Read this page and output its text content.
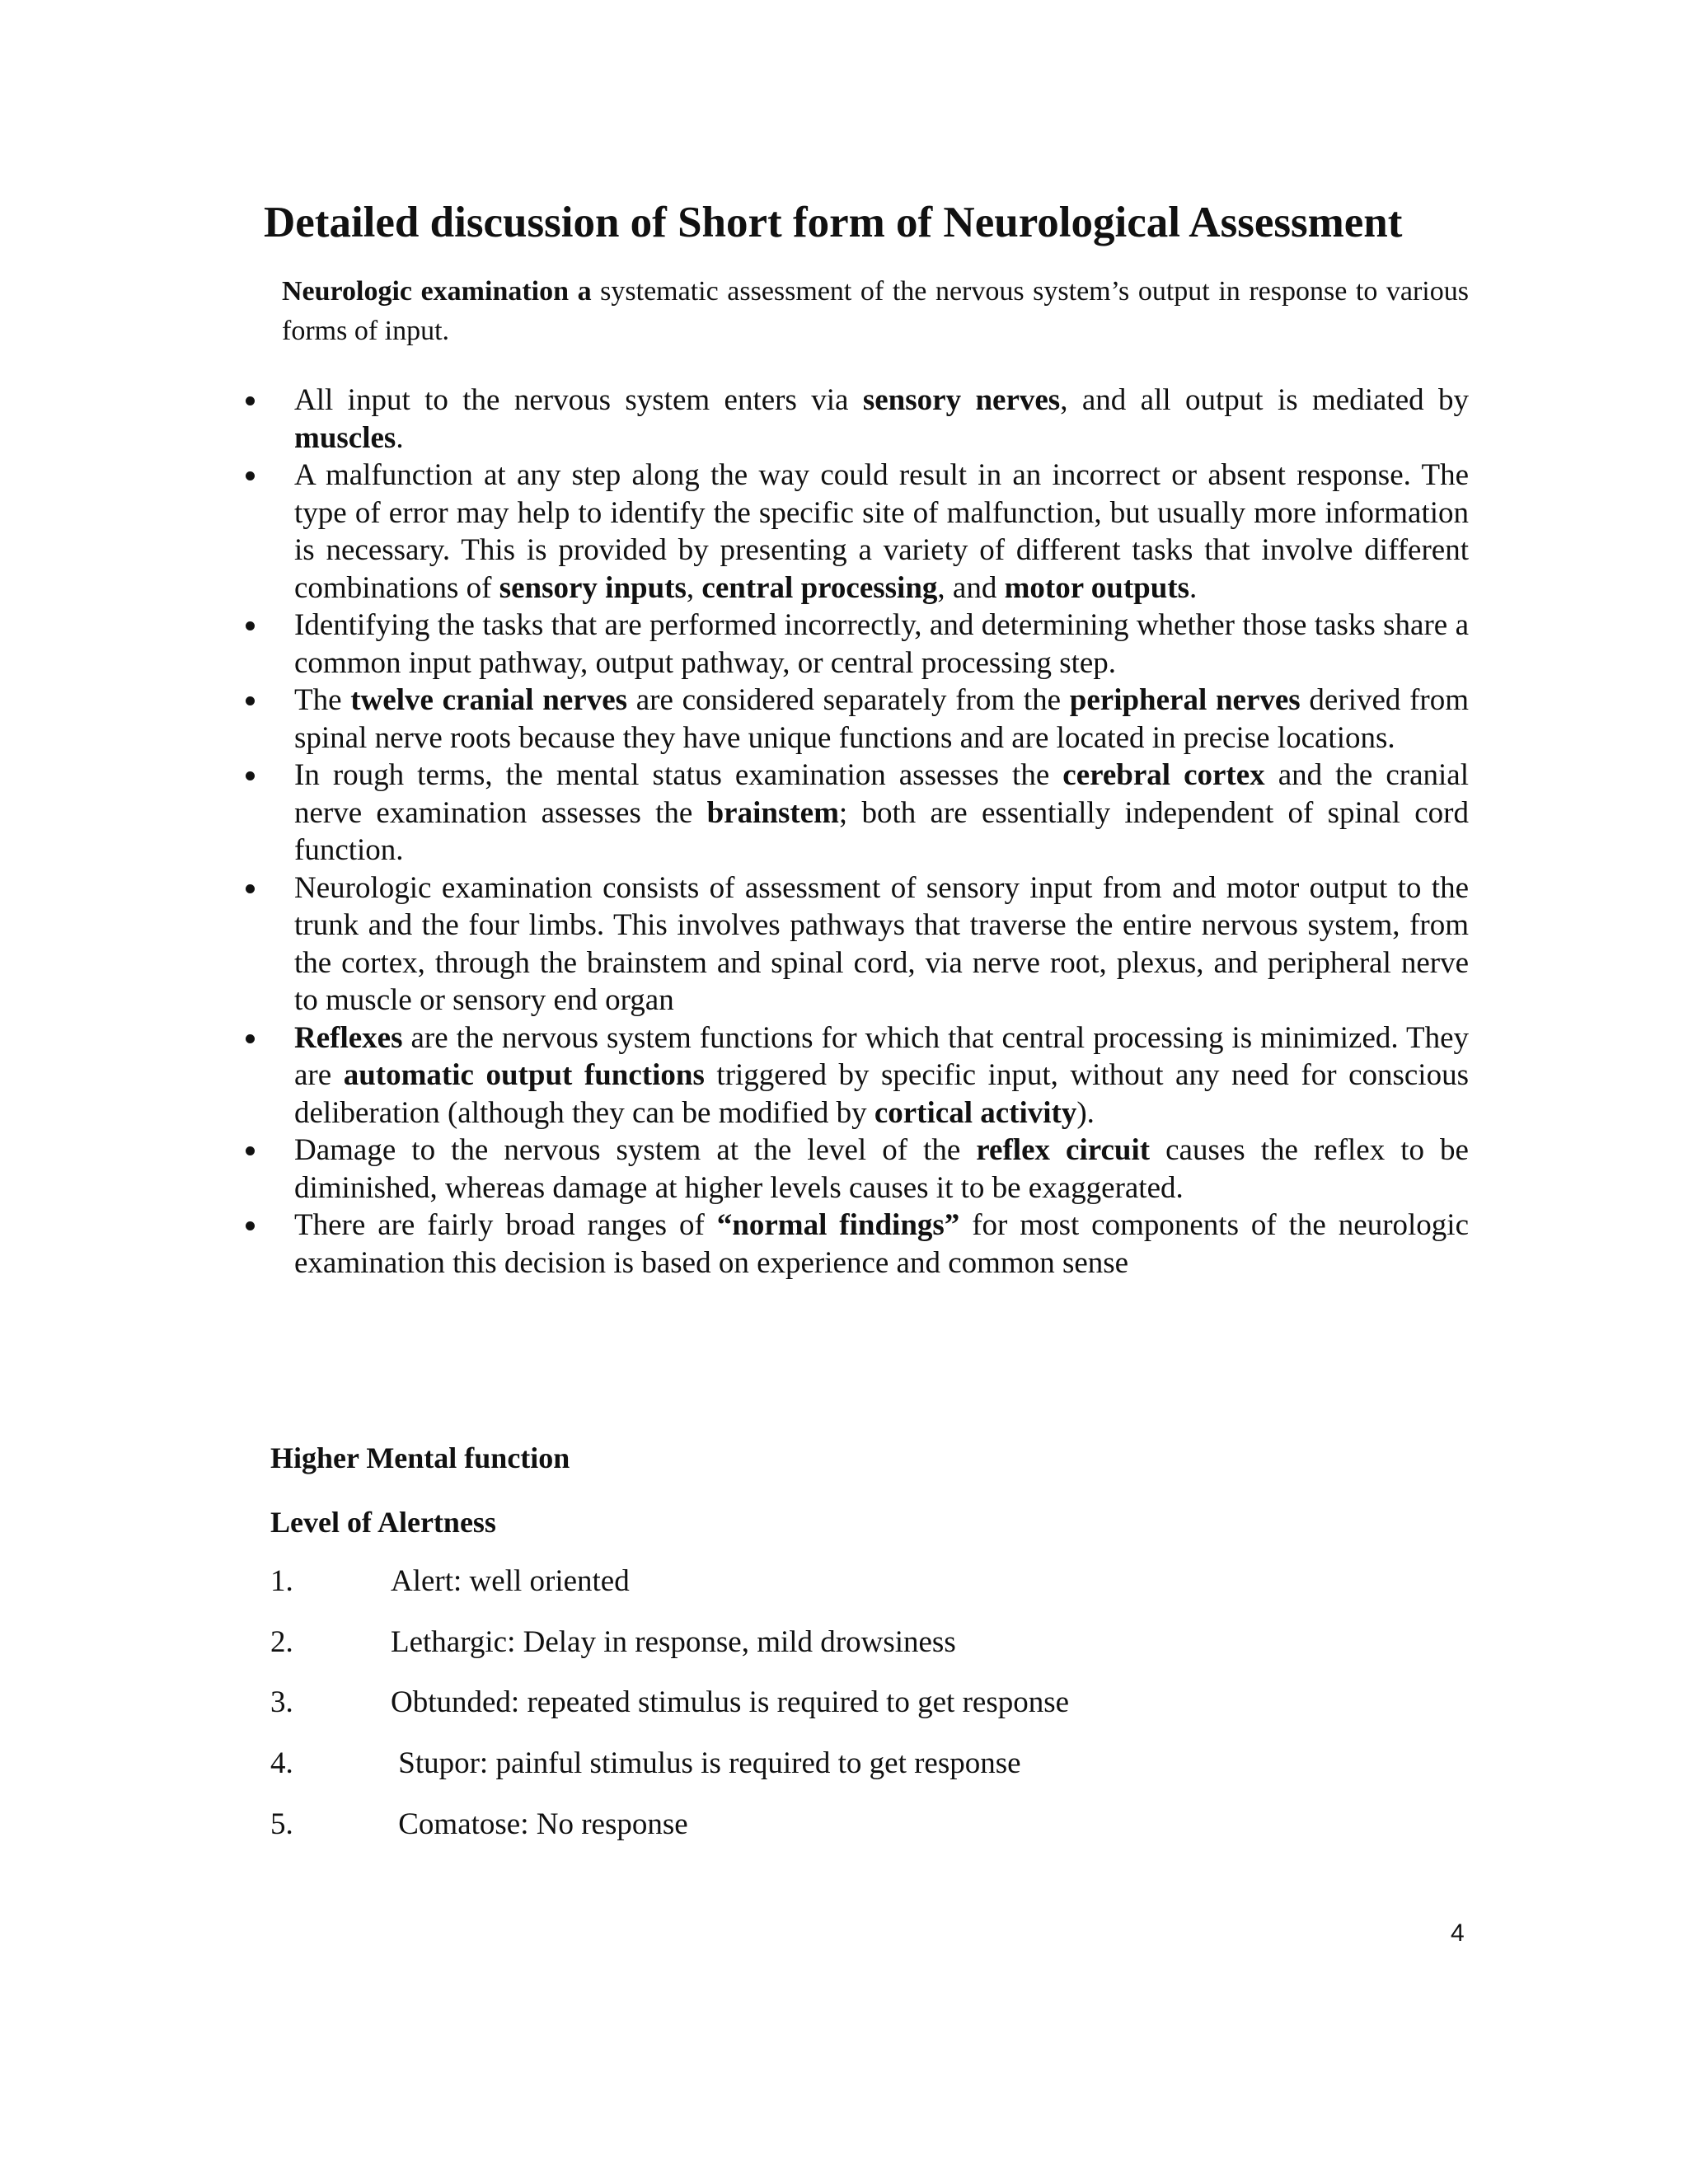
Detailed discussion of Short form of Neurological Assessment
Neurologic examination a systematic assessment of the nervous system’s output in response to various forms of input.
All input to the nervous system enters via sensory nerves, and all output is mediated by muscles.
A malfunction at any step along the way could result in an incorrect or absent response. The type of error may help to identify the specific site of malfunction, but usually more information is necessary. This is provided by presenting a variety of different tasks that involve different combinations of sensory inputs, central processing, and motor outputs.
Identifying the tasks that are performed incorrectly, and determining whether those tasks share a common input pathway, output pathway, or central processing step.
The twelve cranial nerves are considered separately from the peripheral nerves derived from spinal nerve roots because they have unique functions and are located in precise locations.
In rough terms, the mental status examination assesses the cerebral cortex and the cranial nerve examination assesses the brainstem; both are essentially independent of spinal cord function.
Neurologic examination consists of assessment of sensory input from and motor output to the trunk and the four limbs. This involves pathways that traverse the entire nervous system, from the cortex, through the brainstem and spinal cord, via nerve root, plexus, and peripheral nerve to muscle or sensory end organ
Reflexes are the nervous system functions for which that central processing is minimized. They are automatic output functions triggered by specific input, without any need for conscious deliberation (although they can be modified by cortical activity).
Damage to the nervous system at the level of the reflex circuit causes the reflex to be diminished, whereas damage at higher levels causes it to be exaggerated.
There are fairly broad ranges of “normal findings” for most components of the neurologic examination this decision is based on experience and common sense
Higher Mental function
Level of Alertness
1.	Alert: well oriented
2.	Lethargic: Delay in response, mild drowsiness
3.	Obtunded: repeated stimulus is required to get response
4.	Stupor: painful stimulus is required to get response
5.	Comatose: No response
4
